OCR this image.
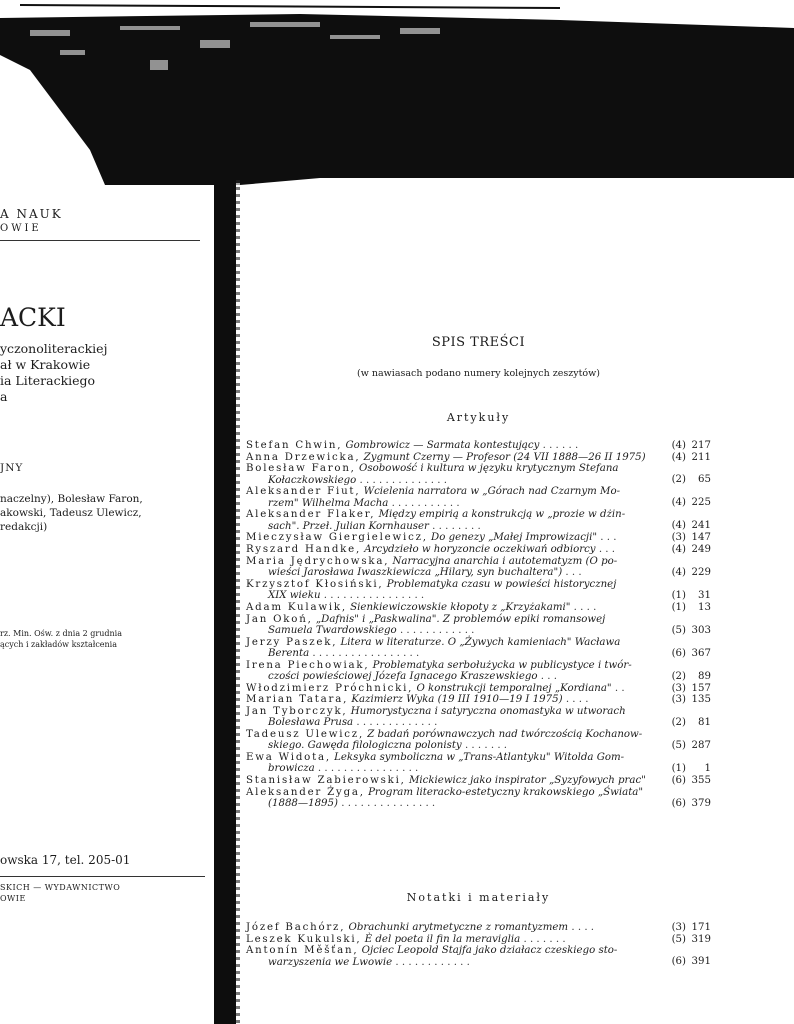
A NAUK
OWIE
ACKI
yczonoliterackiej
ał w Krakowie
ia Literackiego
a
JNY
naczelny), Bolesław Faron,
akowski, Tadeusz Ulewicz,
redakcji)
rz. Min. Ośw. z dnia 2 grudnia
ących i zakładów kształcenia
owska 17, tel. 205-01
SKICH — WYDAWNICTWO
OWIE
SPIS TREŚCI
(w nawiasach podano numery kolejnych zeszytów)
Artykuły
Stefan Chwin, Gombrowicz — Sarmata kontestujący . . . . . .	(4) 217
Anna Drzewicka, Zygmunt Czerny — Profesor (24 VII 1888—26 II 1975)	(4) 211
Bolesław Faron, Osobowość i kultura w języku krytycznym Stefana
Kołaczkowskiego . . . . . . . . . . . . . .	(2)	65
Aleksander Fiut, Wcielenia narratora w „Górach nad Czarnym Mo-
rzem" Wilhelma Macha . . . . . . . . . . .	(4) 225
Aleksander Flaker, Między empirią a konstrukcją w „prozie w dżin-
sach". Przeł. Julian Kornhauser . . . . . . . .	(4) 241
Mieczysław Giergielewicz, Do genezy „Małej Improwizacji" . . .	(3) 147
Ryszard Handke, Arcydzieło w horyzoncie oczekiwań odbiorcy . . .	(4) 249
Maria Jędrychowska, Narracyjna anarchia i autotematyzm (O po-
wieści Jarosława Iwaszkiewicza „Hilary, syn buchaltera") . . .	(4) 229
Krzysztof Kłosiński, Problematyka czasu w powieści historycznej
XIX wieku . . . . . . . . . . . . . . . .	(1)	31
Adam Kulawik, Sienkiewiczowskie kłopoty z „Krzyżakami" . . . .	(1)	13
Jan Okoń, „Dafnis" i „Paskwalina". Z problemów epiki romansowej
Samuela Twardowskiego . . . . . . . . . . . .	(5) 303
Jerzy Paszek, Litera w literaturze. O „Żywych kamieniach" Wacława
Berenta . . . . . . . . . . . . . . . . .	(6) 367
Irena Piechowiak, Problematyka serbołużycka w publicystyce i twór-
czości powieściowej Józefa Ignacego Kraszewskiego . . .	(2)	89
Włodzimierz Próchnicki, O konstrukcji temporalnej „Kordiana" . .	(3) 157
Marian Tatara, Kazimierz Wyka (19 III 1910—19 I 1975) . . . .	(3) 135
Jan Tyborczyk, Humorystyczna i satyryczna onomastyka w utworach
Bolesława Prusa . . . . . . . . . . . . .	(2)	81
Tadeusz Ulewicz, Z badań porównawczych nad twórczością Kochanow-
skiego. Gawęda filologiczna polonisty . . . . . . .	(5) 287
Ewa Widota, Leksyka symboliczna w „Trans-Atlantyku" Witolda Gom-
browicza . . . . . . . . . . . . . . . .	(1)	1
Stanisław Zabierowski, Mickiewicz jako inspirator „Syzyfowych prac"	(6) 355
Aleksander Żyga, Program literacko-estetyczny krakowskiego „Świata"
(1888—1895) . . . . . . . . . . . . . . .	(6) 379
Notatki i materiały
Józef Bachórz, Obrachunki arytmetyczne z romantyzmem . . . .	(3) 171
Leszek Kukulski, È del poeta il fin la meraviglia . . . . . . .	(5) 319
Antonín Měšťan, Ojciec Leopold Stajfa jako działacz czeskiego sto-
warzyszenia we Lwowie . . . . . . . . . . . .	(6) 391
